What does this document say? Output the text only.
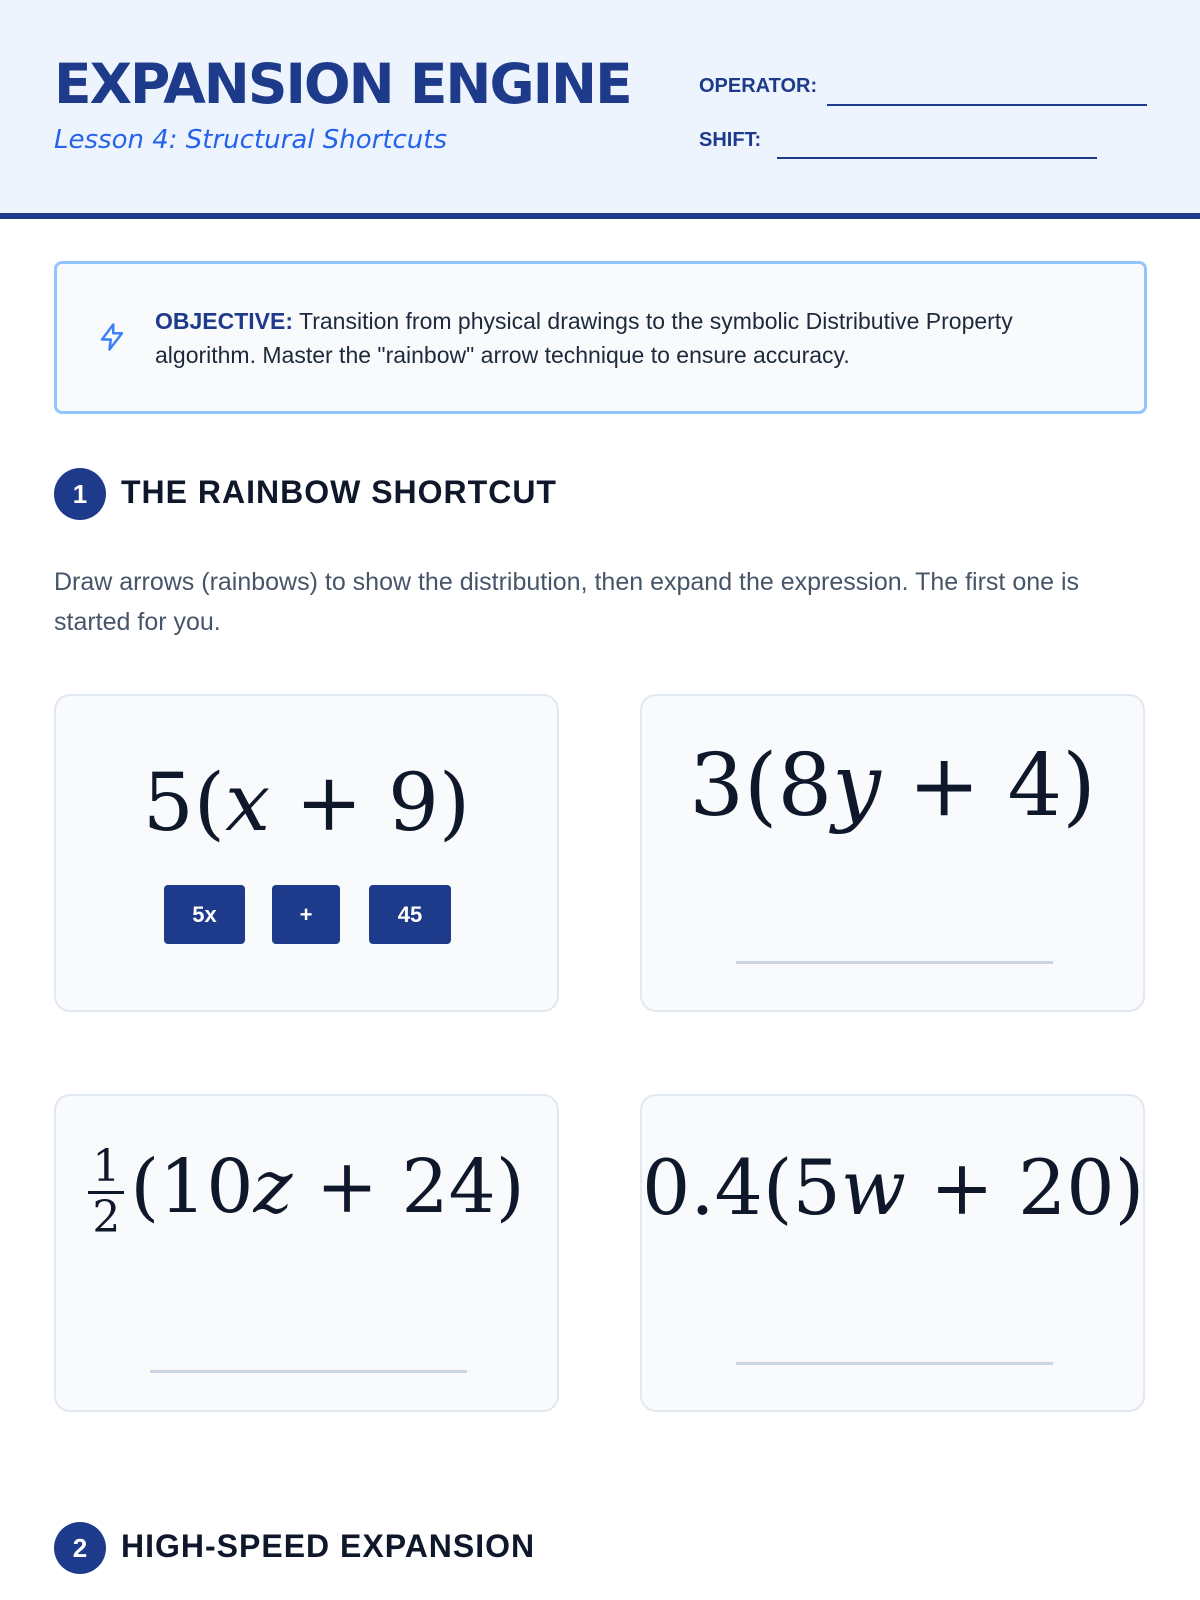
EXPANSION ENGINE
Lesson 4: Structural Shortcuts
OPERATOR:
SHIFT:
OBJECTIVE: Transition from physical drawings to the symbolic Distributive Property algorithm. Master the "rainbow" arrow technique to ensure accuracy.
1	THE RAINBOW SHORTCUT
Draw arrows (rainbows) to show the distribution, then expand the expression. The first one is started for you.
5(x + 9)
5x	+	45
3(8y + 4)
$\frac{1}{2} (10z + 24)$	0.4(5w + 20)
2	HIGH-SPEED EXPANSION
